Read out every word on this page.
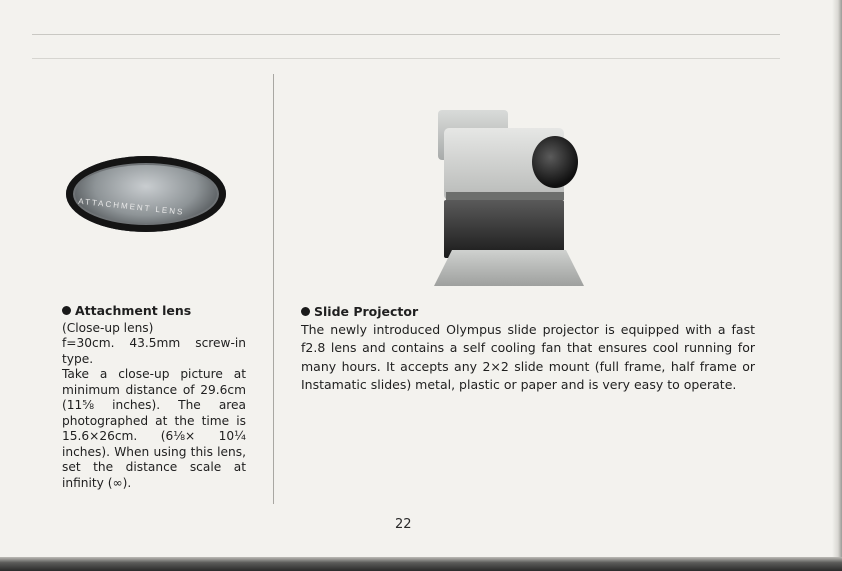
ATTACHMENT LENS
Attachment lens
(Close-up lens)
f=30cm. 43.5mm screw-in type.
Take a close-up picture at minimum distance of 29.6cm (11⅝ inches). The area photographed at the time is 15.6×26cm. (6⅛× 10¼ inches). When using this lens, set the distance scale at infinity (∞).
Slide Projector
The newly introduced Olympus slide projector is equipped with a fast f2.8 lens and contains a self cooling fan that ensures cool running for many hours. It accepts any 2×2 slide mount (full frame, half frame or Instamatic slides) metal, plastic or paper and is very easy to operate.
22
